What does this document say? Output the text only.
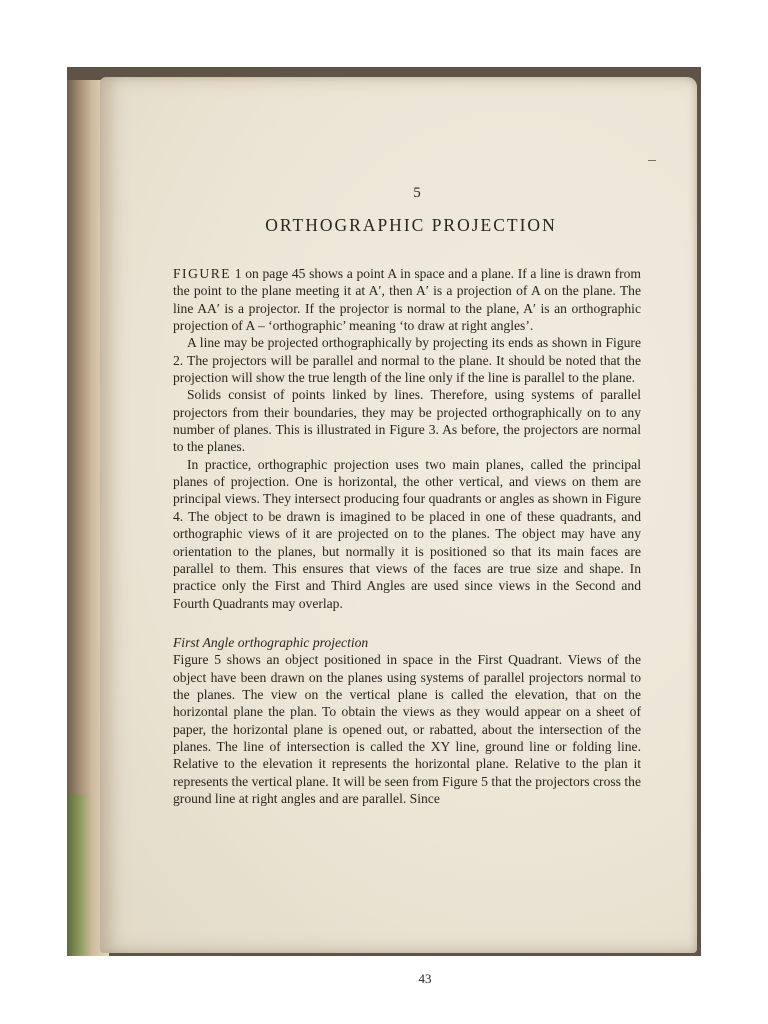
5

ORTHOGRAPHIC PROJECTION

FIGURE 1 on page 45 shows a point A in space and a plane. If a line is drawn from the point to the plane meeting it at A′, then A′ is a projection of A on the plane. The line AA′ is a projector. If the projector is normal to the plane, A′ is an orthographic projection of A – ‘orthographic’ meaning ‘to draw at right angles’.

A line may be projected orthographically by projecting its ends as shown in Figure 2. The projectors will be parallel and normal to the plane. It should be noted that the projection will show the true length of the line only if the line is parallel to the plane.

Solids consist of points linked by lines. Therefore, using systems of parallel projectors from their boundaries, they may be projected orthographically on to any number of planes. This is illustrated in Figure 3. As before, the projectors are normal to the planes.

In practice, orthographic projection uses two main planes, called the principal planes of projection. One is horizontal, the other vertical, and views on them are principal views. They intersect producing four quadrants or angles as shown in Figure 4. The object to be drawn is imagined to be placed in one of these quadrants, and orthographic views of it are projected on to the planes. The object may have any orientation to the planes, but normally it is positioned so that its main faces are parallel to them. This ensures that views of the faces are true size and shape. In practice only the First and Third Angles are used since views in the Second and Fourth Quadrants may overlap.

First Angle orthographic projection

Figure 5 shows an object positioned in space in the First Quadrant. Views of the object have been drawn on the planes using systems of parallel projectors normal to the planes. The view on the vertical plane is called the elevation, that on the horizontal plane the plan. To obtain the views as they would appear on a sheet of paper, the horizontal plane is opened out, or rabatted, about the intersection of the planes. The line of intersection is called the XY line, ground line or folding line. Relative to the elevation it represents the horizontal plane. Relative to the plan it represents the vertical plane. It will be seen from Figure 5 that the projectors cross the ground line at right angles and are parallel. Since

43
